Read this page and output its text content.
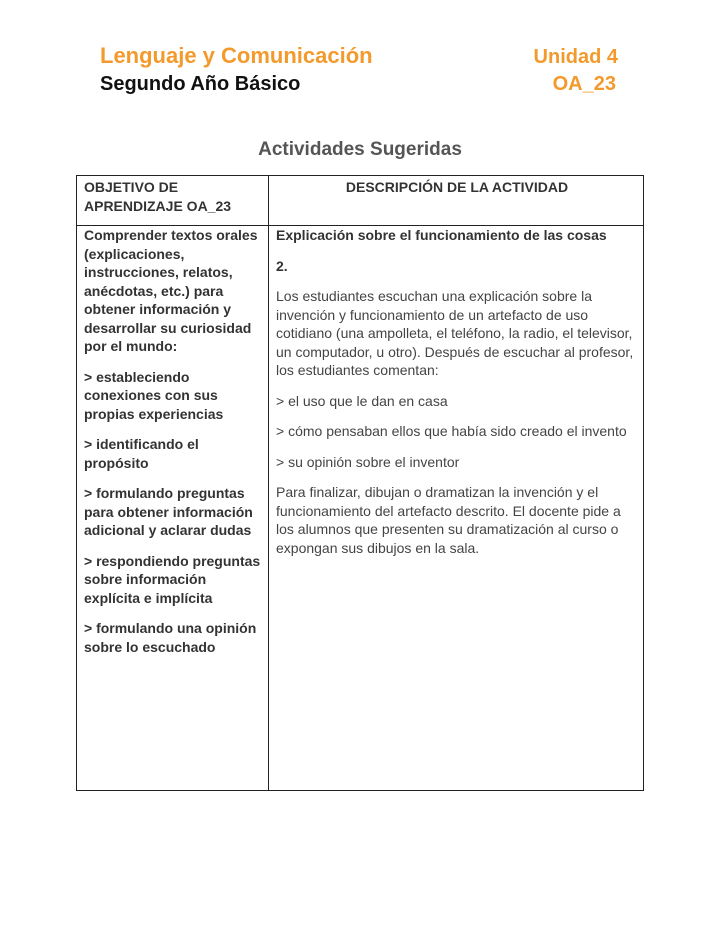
Lenguaje y Comunicación	Unidad 4
Segundo Año Básico	OA_23
Actividades Sugeridas
OBJETIVO DE APRENDIZAJE OA_23
DESCRIPCIÓN DE LA ACTIVIDAD

Comprender textos orales (explicaciones, instrucciones, relatos, anécdotas, etc.) para obtener información y desarrollar su curiosidad por el mundo:

> estableciendo conexiones con sus propias experiencias

> identificando el propósito

> formulando preguntas para obtener información adicional y aclarar dudas

> respondiendo preguntas sobre información explícita e implícita

> formulando una opinión sobre lo escuchado

Explicación sobre el funcionamiento de las cosas

2.

Los estudiantes escuchan una explicación sobre la invención y funcionamiento de un artefacto de uso cotidiano (una ampolleta, el teléfono, la radio, el televisor, un computador, u otro). Después de escuchar al profesor, los estudiantes comentan:

> el uso que le dan en casa

> cómo pensaban ellos que había sido creado el invento

> su opinión sobre el inventor

Para finalizar, dibujan o dramatizan la invención y el funcionamiento del artefacto descrito. El docente pide a los alumnos que presenten su dramatización al curso o expongan sus dibujos en la sala.
